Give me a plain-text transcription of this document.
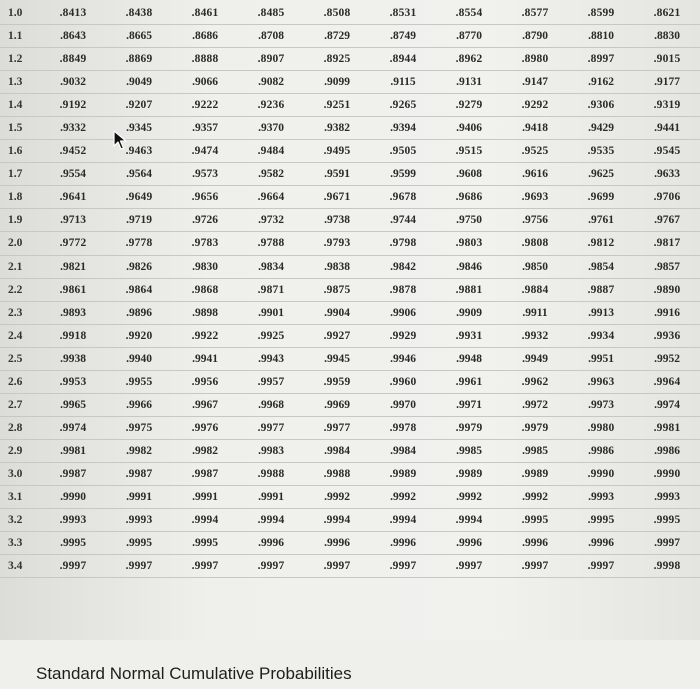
1.0	.8413	.8438	.8461	.8485	.8508	.8531	.8554	.8577	.8599	.8621
1.1	.8643	.8665	.8686	.8708	.8729	.8749	.8770	.8790	.8810	.8830
1.2	.8849	.8869	.8888	.8907	.8925	.8944	.8962	.8980	.8997	.9015
1.3	.9032	.9049	.9066	.9082	.9099	.9115	.9131	.9147	.9162	.9177
1.4	.9192	.9207	.9222	.9236	.9251	.9265	.9279	.9292	.9306	.9319
1.5	.9332	.9345	.9357	.9370	.9382	.9394	.9406	.9418	.9429	.9441
1.6	.9452	.9463	.9474	.9484	.9495	.9505	.9515	.9525	.9535	.9545
1.7	.9554	.9564	.9573	.9582	.9591	.9599	.9608	.9616	.9625	.9633
1.8	.9641	.9649	.9656	.9664	.9671	.9678	.9686	.9693	.9699	.9706
1.9	.9713	.9719	.9726	.9732	.9738	.9744	.9750	.9756	.9761	.9767
2.0	.9772	.9778	.9783	.9788	.9793	.9798	.9803	.9808	.9812	.9817
2.1	.9821	.9826	.9830	.9834	.9838	.9842	.9846	.9850	.9854	.9857
2.2	.9861	.9864	.9868	.9871	.9875	.9878	.9881	.9884	.9887	.9890
2.3	.9893	.9896	.9898	.9901	.9904	.9906	.9909	.9911	.9913	.9916
2.4	.9918	.9920	.9922	.9925	.9927	.9929	.9931	.9932	.9934	.9936
2.5	.9938	.9940	.9941	.9943	.9945	.9946	.9948	.9949	.9951	.9952
2.6	.9953	.9955	.9956	.9957	.9959	.9960	.9961	.9962	.9963	.9964
2.7	.9965	.9966	.9967	.9968	.9969	.9970	.9971	.9972	.9973	.9974
2.8	.9974	.9975	.9976	.9977	.9977	.9978	.9979	.9979	.9980	.9981
2.9	.9981	.9982	.9982	.9983	.9984	.9984	.9985	.9985	.9986	.9986
3.0	.9987	.9987	.9987	.9988	.9988	.9989	.9989	.9989	.9990	.9990
3.1	.9990	.9991	.9991	.9991	.9992	.9992	.9992	.9992	.9993	.9993
3.2	.9993	.9993	.9994	.9994	.9994	.9994	.9994	.9995	.9995	.9995
3.3	.9995	.9995	.9995	.9996	.9996	.9996	.9996	.9996	.9996	.9997
3.4	.9997	.9997	.9997	.9997	.9997	.9997	.9997	.9997	.9997	.9998
Standard Normal Cumulative Probabilities
